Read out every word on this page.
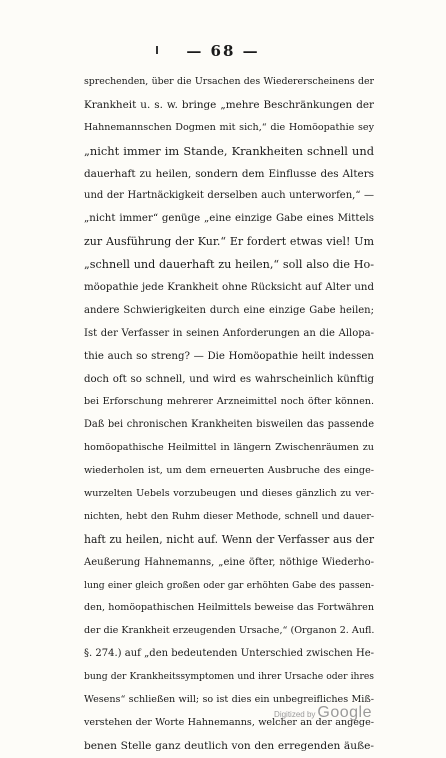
— 68 —
sprechenden, über die Ursachen des Wiedererscheinens der
Krankheit u. s. w. bringe „mehre Beschränkungen der
Hahnemannschen Dogmen mit sich,“ die Homöopathie sey
„nicht immer im Stande, Krankheiten schnell und
dauerhaft zu heilen, sondern dem Einflusse des Alters
und der Hartnäckigkeit derselben auch unterworfen,“ —
„nicht immer“ genüge „eine einzige Gabe eines Mittels
zur Ausführung der Kur.“ Er fordert etwas viel! Um
„schnell und dauerhaft zu heilen,“ soll also die Ho-
möopathie jede Krankheit ohne Rücksicht auf Alter und
andere Schwierigkeiten durch eine einzige Gabe heilen;
Ist der Verfasser in seinen Anforderungen an die Allopa-
thie auch so streng? — Die Homöopathie heilt indessen
doch oft so schnell, und wird es wahrscheinlich künftig
bei Erforschung mehrerer Arzneimittel noch öfter können.
Daß bei chronischen Krankheiten bisweilen das passende
homöopathische Heilmittel in längern Zwischenräumen zu
wiederholen ist, um dem erneuerten Ausbruche des einge-
wurzelten Uebels vorzubeugen und dieses gänzlich zu ver-
nichten, hebt den Ruhm dieser Methode, schnell und dauer-
haft zu heilen, nicht auf. Wenn der Verfasser aus der
Aeußerung Hahnemanns, „eine öfter, nöthige Wiederho-
lung einer gleich großen oder gar erhöhten Gabe des passen-
den, homöopathischen Heilmittels beweise das Fortwähren
der die Krankheit erzeugenden Ursache,“ (Organon 2. Aufl.
§. 274.) auf „den bedeutenden Unterschied zwischen He-
bung der Krankheitssymptomen und ihrer Ursache oder ihres
Wesens“ schließen will; so ist dies ein unbegreifliches Miß-
verstehen der Worte Hahnemanns, welcher an der angege-
benen Stelle ganz deutlich von den erregenden äuße-
Digitized by Google
